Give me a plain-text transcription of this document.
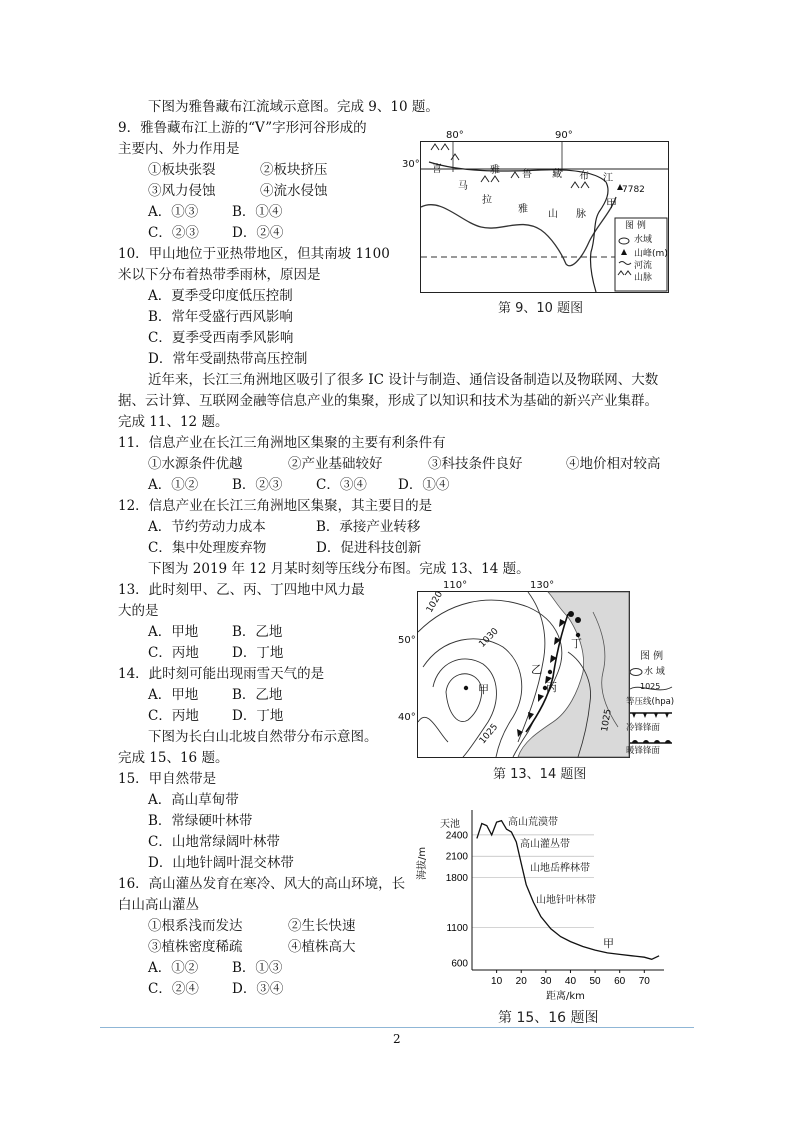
下图为雅鲁藏布江流域示意图。完成 9、10 题。
9．雅鲁藏布江上游的“V”字形河谷形成的
主要内、外力作用是
①板块张裂	②板块挤压
③风力侵蚀	④流水侵蚀
A．①③	B．①④
C．②③ D．②④
10．甲山地位于亚热带地区，但其南坡 1100
米以下分布着热带季雨林，原因是
A．夏季受印度低压控制
B．常年受盛行西风影响
C．夏季受西南季风影响
D．常年受副热带高压控制
80°	90°
30° 喜
马
拉
雅 山 脉
雅 鲁 藏 布 江
7782
甲
图 例
水域
山峰(m)
河流
山脉
第 9、10 题图
近年来，长江三角洲地区吸引了很多 IC 设计与制造、通信设备制造以及物联网、大数
据、云计算、互联网金融等信息产业的集聚，形成了以知识和技术为基础的新兴产业集群。
完成 11、12 题。
11．信息产业在长江三角洲地区集聚的主要有利条件有
①水源条件优越	②产业基础较好	③科技条件良好	④地价相对较高
A．①②	B．②③ C．③④ D．①④
12．信息产业在长江三角洲地区集聚，其主要目的是
A．节约劳动力成本	B．承接产业转移
C．集中处理废弃物	D．促进科技创新
下图为 2019 年 12 月某时刻等压线分布图。完成 13、14 题。
13．此时刻甲、乙、丙、丁四地中风力最
大的是
A．甲地	B．乙地
C．丙地 D．丁地
14．此时刻可能出现雨雪天气的是
A．甲地	B．乙地
C．丙地 D．丁地
110°	130°
50°
40°
1020
1030
1025
1025
甲
乙
丙
丁
图 例
水 域
1025
等压线(hpa)
冷锋锋面
暖锋锋面
第 13、14 题图
下图为长白山北坡自然带分布示意图。
完成 15、16 题。
15．甲自然带是
A．高山草甸带
B．常绿硬叶林带
C．山地常绿阔叶林带
D．山地针阔叶混交林带
16．高山灌丛发育在寒冷、风大的高山环境，长
白山高山灌丛
①根系浅而发达	②生长快速
③植株密度稀疏	④植株高大
A．①②	B．①③
C．②④ D．③④
600
1100
1800
2100
2400
10 20 30 40 50 60 70
天池	高山荒漠带
高山灌丛带
山地岳桦林带
山地针叶林带
甲
距离/km
海拔/m
第 15、16 题图
2
